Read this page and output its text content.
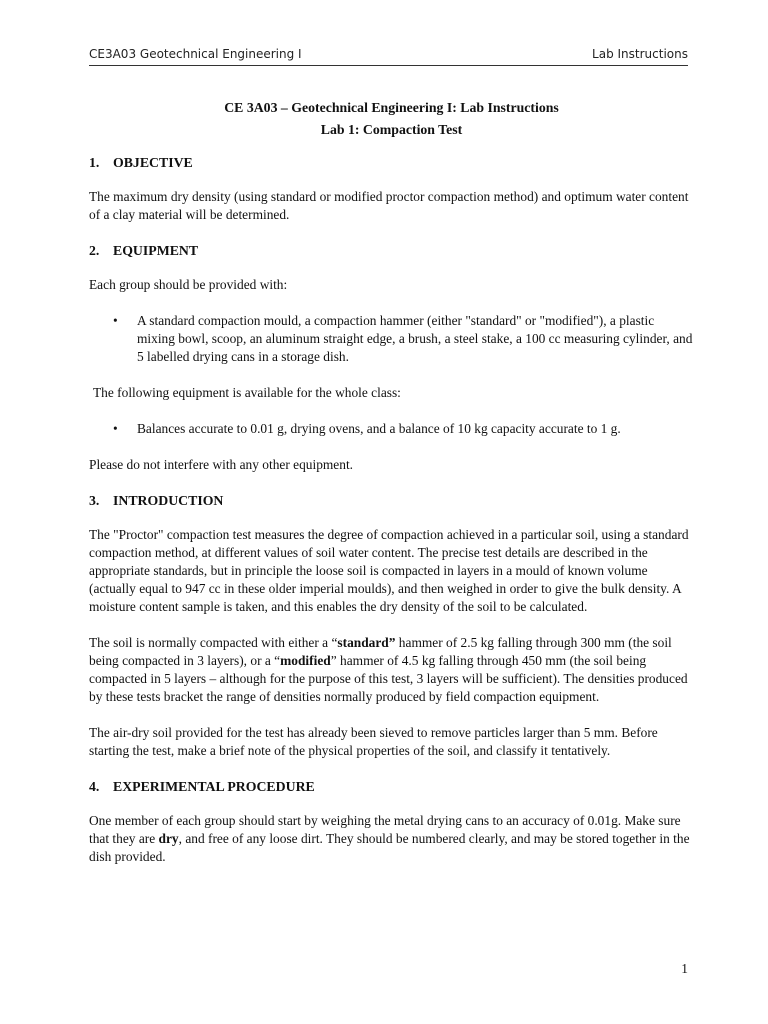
CE3A03 Geotechnical Engineering I	Lab Instructions
CE 3A03 – Geotechnical Engineering I: Lab Instructions
Lab 1: Compaction Test
1. OBJECTIVE

The maximum dry density (using standard or modified proctor compaction method) and optimum water content of a clay material will be determined.

2. EQUIPMENT

Each group should be provided with:

• A standard compaction mould, a compaction hammer (either "standard" or "modified"), a plastic mixing bowl, scoop, an aluminum straight edge, a brush, a steel stake, a 100 cc measuring cylinder, and 5 labelled drying cans in a storage dish.

The following equipment is available for the whole class:

• Balances accurate to 0.01 g, drying ovens, and a balance of 10 kg capacity accurate to 1 g.

Please do not interfere with any other equipment.

3. INTRODUCTION

The "Proctor" compaction test measures the degree of compaction achieved in a particular soil, using a standard compaction method, at different values of soil water content. The precise test details are described in the appropriate standards, but in principle the loose soil is compacted in layers in a mould of known volume (actually equal to 947 cc in these older imperial moulds), and then weighed in order to give the bulk density. A moisture content sample is taken, and this enables the dry density of the soil to be calculated.

The soil is normally compacted with either a “standard” hammer of 2.5 kg falling through 300 mm (the soil being compacted in 3 layers), or a “modified” hammer of 4.5 kg falling through 450 mm (the soil being compacted in 5 layers – although for the purpose of this test, 3 layers will be sufficient). The densities produced by these tests bracket the range of densities normally produced by field compaction equipment.

The air-dry soil provided for the test has already been sieved to remove particles larger than 5 mm. Before starting the test, make a brief note of the physical properties of the soil, and classify it tentatively.

4. EXPERIMENTAL PROCEDURE

One member of each group should start by weighing the metal drying cans to an accuracy of 0.01g. Make sure that they are dry, and free of any loose dirt. They should be numbered clearly, and may be stored together in the dish provided.

1
